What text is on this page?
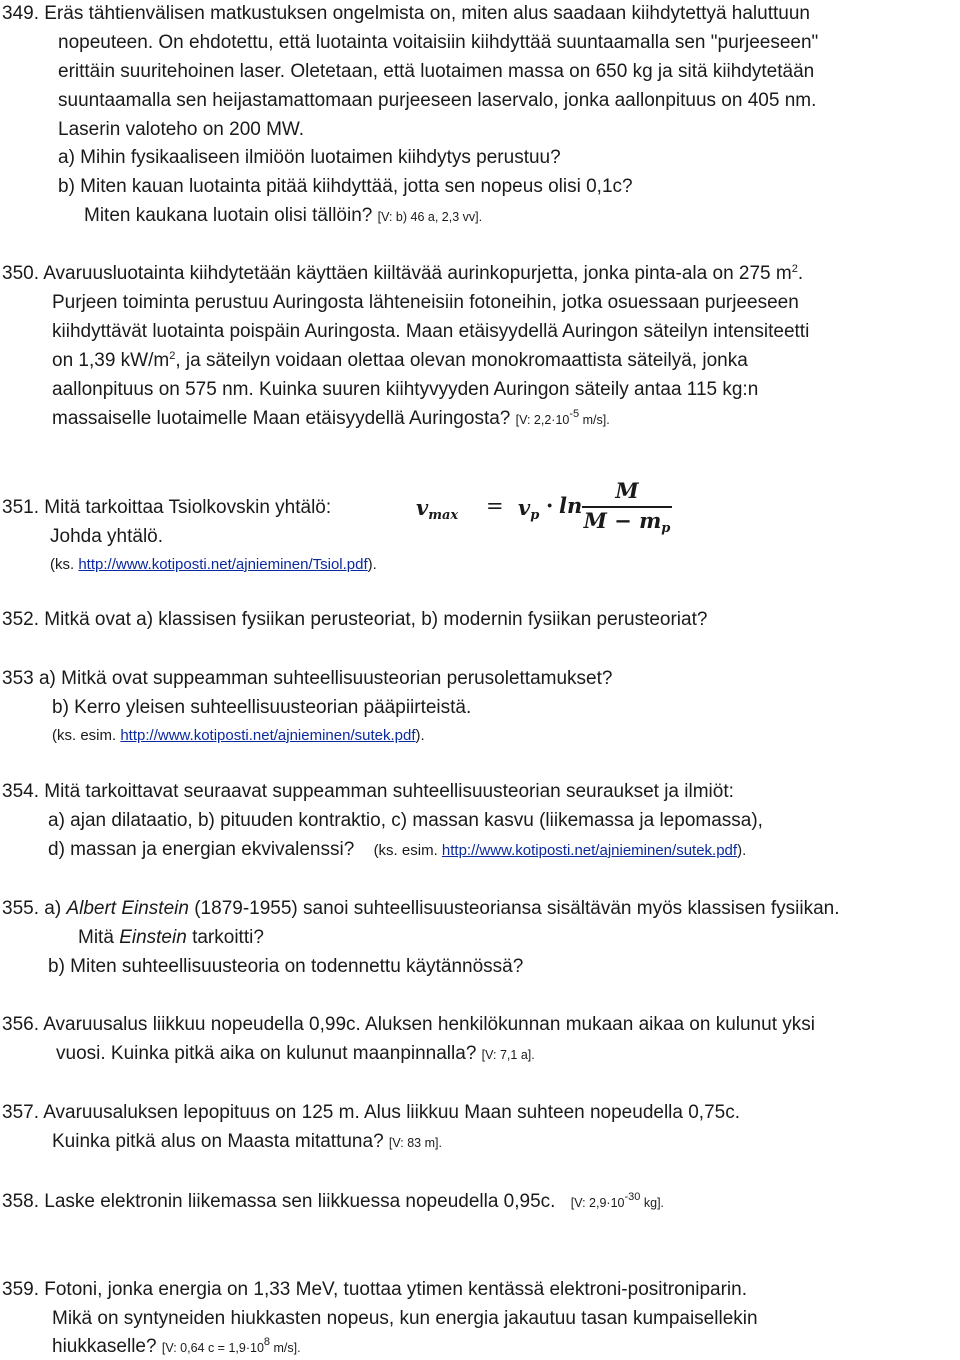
349. Eräs tähtienvälisen matkustuksen ongelmista on, miten alus saadaan kiihdytettyä haluttuun
nopeuteen. On ehdotettu, että luotainta voitaisiin kiihdyttää suuntaamalla sen "purjeeseen"
erittäin suuritehoinen laser. Oletetaan, että luotaimen massa on 650 kg ja sitä kiihdytetään
suuntaamalla sen heijastamattomaan purjeeseen laservalo, jonka aallonpituus on 405 nm.
Laserin valoteho on 200 MW.
a) Mihin fysikaaliseen ilmiöön luotaimen kiihdytys perustuu?
b) Miten kauan luotainta pitää kiihdyttää, jotta sen nopeus olisi 0,1c?
Miten kaukana luotain olisi tällöin? [V: b) 46 a, 2,3 vv].
350. Avaruusluotainta kiihdytetään käyttäen kiiltävää aurinkopurjetta, jonka pinta-ala on 275 $m^2$.
Purjeen toiminta perustuu Auringosta lähteneisiin fotoneihin, jotka osuessaan purjeeseen
kiihdyttävät luotainta poispäin Auringosta. Maan etäisyydellä Auringon säteilyn intensiteetti
on 1,39 $kW/m^2$, ja säteilyn voidaan olettaa olevan monokromaattista säteilyä, jonka
aallonpituus on 575 nm. Kuinka suuren kiihtyvyyden Auringon säteily antaa 115 kg:n
massaiselle luotaimelle Maan etäisyydellä Auringosta? [V: $2,2\cdot 10^{-5}$ m/s].
351. Mitä tarkoittaa Tsiolkovskin yhtälö:	vmax = vp · ln
M
M − mp
Johda yhtälö.
(ks. http://www.kotiposti.net/ajnieminen/Tsiol.pdf).
352. Mitkä ovat a) klassisen fysiikan perusteoriat, b) modernin fysiikan perusteoriat?
353 a) Mitkä ovat suppeamman suhteellisuusteorian perusolettamukset?
b) Kerro yleisen suhteellisuusteorian pääpiirteistä.
(ks. esim. http://www.kotiposti.net/ajnieminen/sutek.pdf).
354. Mitä tarkoittavat seuraavat suppeamman suhteellisuusteorian seuraukset ja ilmiöt:
a) ajan dilataatio, b) pituuden kontraktio, c) massan kasvu (liikemassa ja lepomassa),
d) massan ja energian ekvivalenssi? (ks. esim. http://www.kotiposti.net/ajnieminen/sutek.pdf).
355. a) Albert Einstein (1879-1955) sanoi suhteellisuusteoriansa sisältävän myös klassisen fysiikan.
Mitä Einstein tarkoitti?
b) Miten suhteellisuusteoria on todennettu käytännössä?
356. Avaruusalus liikkuu nopeudella 0,99c. Aluksen henkilökunnan mukaan aikaa on kulunut yksi
vuosi. Kuinka pitkä aika on kulunut maanpinnalla? [V: 7,1 a].
357. Avaruusaluksen lepopituus on 125 m. Alus liikkuu Maan suhteen nopeudella 0,75c.
Kuinka pitkä alus on Maasta mitattuna? [V: 83 m].
358. Laske elektronin liikemassa sen liikkuessa nopeudella 0,95c. [V: $2,9\cdot 10^{-30}$ kg].
359. Fotoni, jonka energia on 1,33 MeV, tuottaa ytimen kentässä elektroni-positroniparin.
Mikä on syntyneiden hiukkasten nopeus, kun energia jakautuu tasan kumpaisellekin
hiukkaselle? [V: 0,64 $c = 1,9\cdot 10^8$ m/s].
